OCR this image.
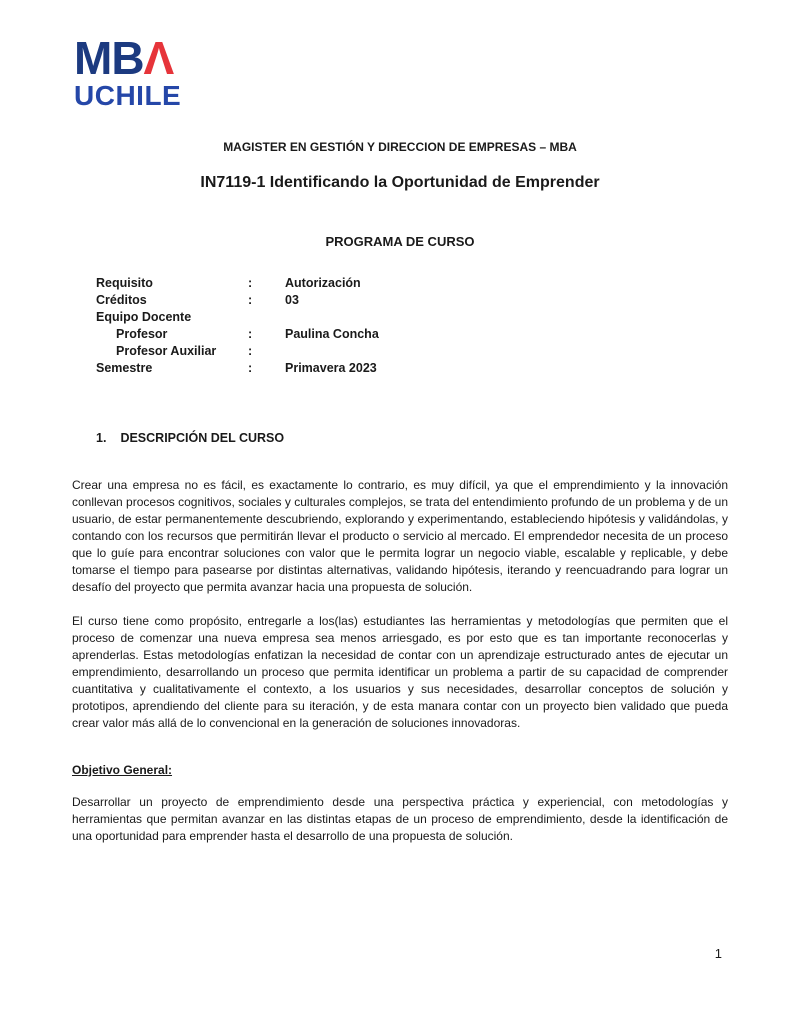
MBΛ
UCHILE
MAGISTER EN GESTIÓN Y DIRECCION DE EMPRESAS – MBA
IN7119-1 Identificando la Oportunidad de Emprender
PROGRAMA DE CURSO
Requisito	:	Autorización
Créditos	:	03
Equipo Docente
Profesor	:	Paulina Concha
Profesor Auxiliar	:
Semestre	:	Primavera 2023
1. DESCRIPCIÓN DEL CURSO

Crear una empresa no es fácil, es exactamente lo contrario, es muy difícil, ya que el emprendimiento y la innovación conllevan procesos cognitivos, sociales y culturales complejos, se trata del entendimiento profundo de un problema y de un usuario, de estar permanentemente descubriendo, explorando y experimentando, estableciendo hipótesis y validándolas, y contando con los recursos que permitirán llevar el producto o servicio al mercado. El emprendedor necesita de un proceso que lo guíe para encontrar soluciones con valor que le permita lograr un negocio viable, escalable y replicable, y debe tomarse el tiempo para pasearse por distintas alternativas, validando hipótesis, iterando y reencuadrando para lograr un desafío del proyecto que permita avanzar hacia una propuesta de solución.

El curso tiene como propósito, entregarle a los(las) estudiantes las herramientas y metodologías que permiten que el proceso de comenzar una nueva empresa sea menos arriesgado, es por esto que es tan importante reconocerlas y aprenderlas. Estas metodologías enfatizan la necesidad de contar con un aprendizaje estructurado antes de ejecutar un emprendimiento, desarrollando un proceso que permita identificar un problema a partir de su capacidad de comprender cuantitativa y cualitativamente el contexto, a los usuarios y sus necesidades, desarrollar conceptos de solución y prototipos, aprendiendo del cliente para su iteración, y de esta manara contar con un proyecto bien validado que pueda crear valor más allá de lo convencional en la generación de soluciones innovadoras.

Objetivo General:

Desarrollar un proyecto de emprendimiento desde una perspectiva práctica y experiencial, con metodologías y herramientas que permitan avanzar en las distintas etapas de un proceso de emprendimiento, desde la identificación de una oportunidad para emprender hasta el desarrollo de una propuesta de solución.

1
